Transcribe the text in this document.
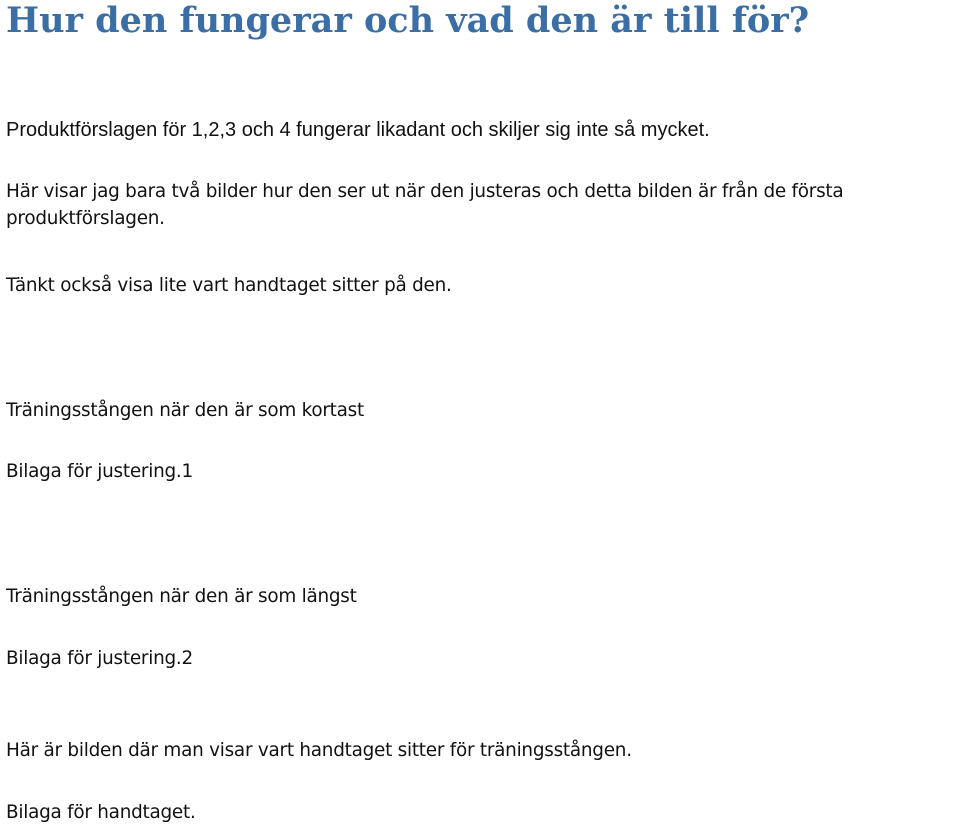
Hur den fungerar och vad den är till för?

Produktförslagen för 1,2,3 och 4 fungerar likadant och skiljer sig inte så mycket.

Här visar jag bara två bilder hur den ser ut när den justeras och detta bilden är från de första

produktförslagen.

Tänkt också visa lite vart handtaget sitter på den.

Träningsstången när den är som kortast

Bilaga för justering.1

Träningsstången när den är som längst

Bilaga för justering.2

Här är bilden där man visar vart handtaget sitter för träningsstången.

Bilaga för handtaget.
